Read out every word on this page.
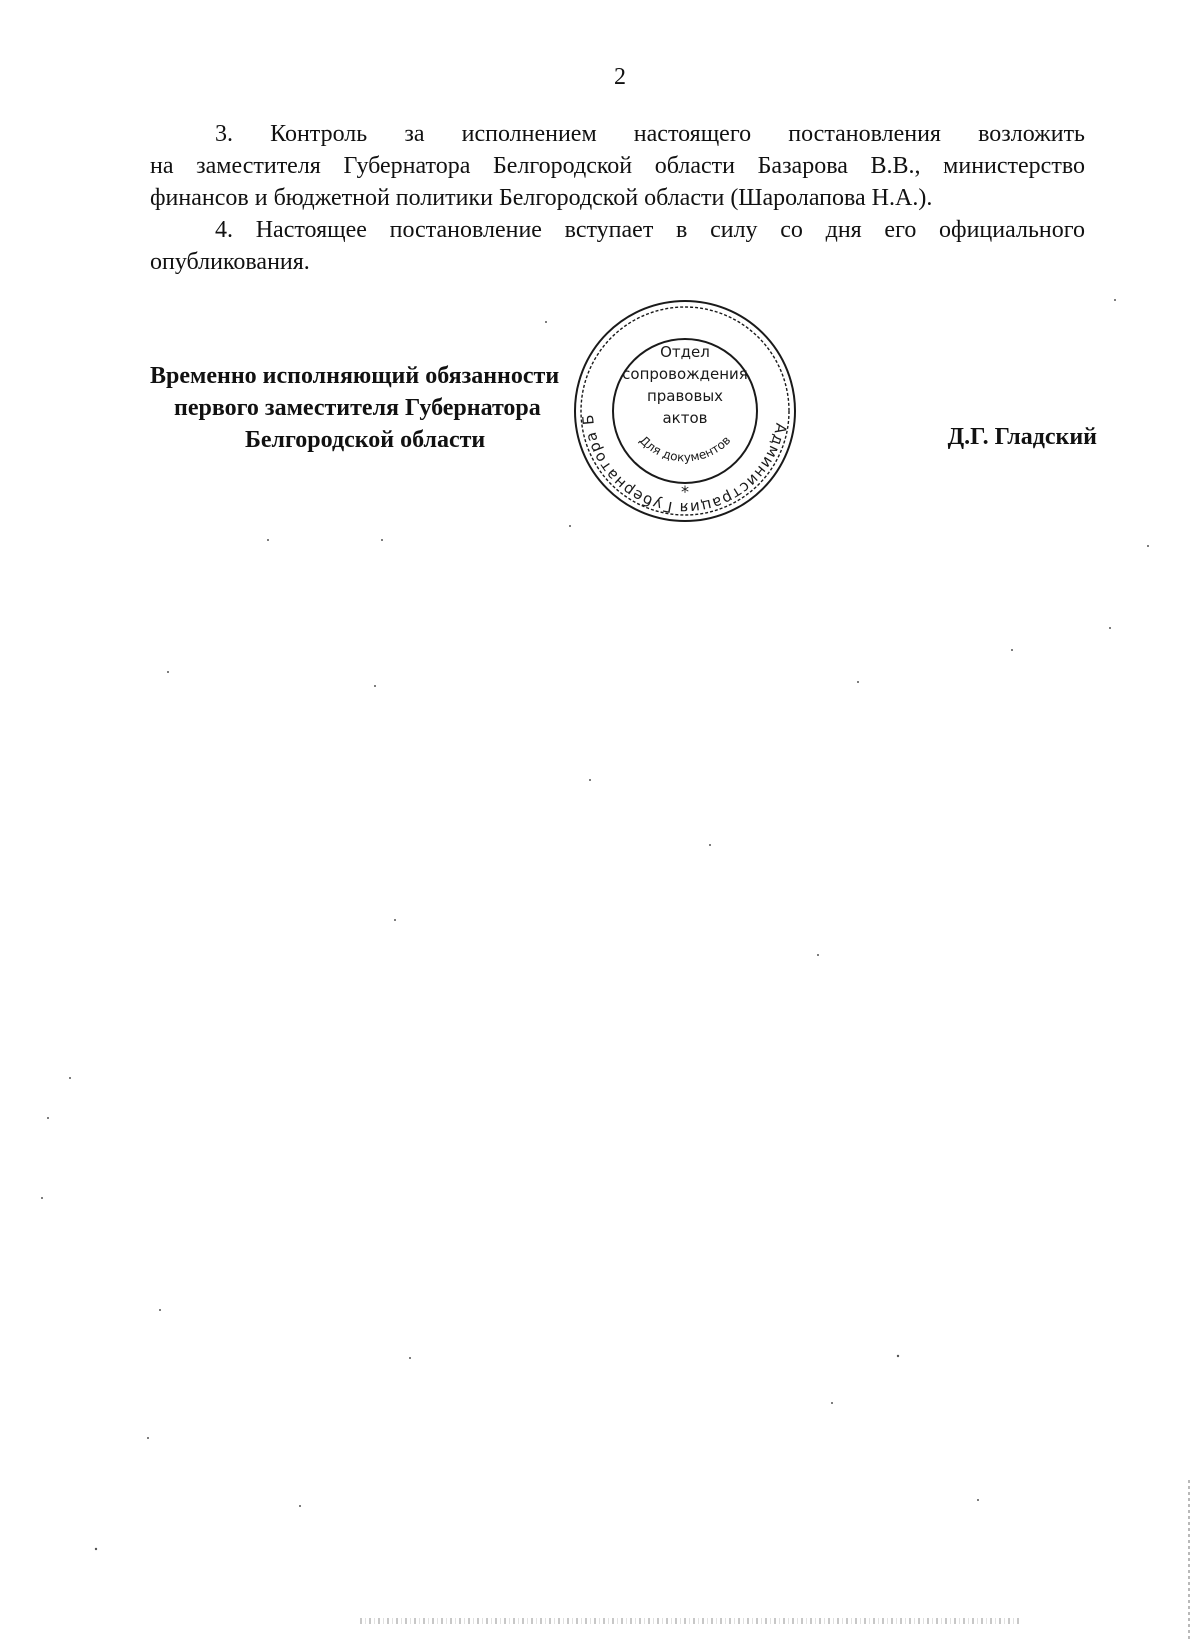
2

3. Контроль за исполнением настоящего постановления возложить
на заместителя Губернатора Белгородской области Базарова В.В., министерство
финансов и бюджетной политики Белгородской области (Шаролапова Н.А.).

4. Настоящее постановление вступает в силу со дня его официального
опубликования.

Временно исполняющий обязанности
первого заместителя Губернатора
Белгородской области	Д.Г. Гладский
Администрация Губернатора Б
Отдел
сопровождения
правовых
актов
Для документов
*
